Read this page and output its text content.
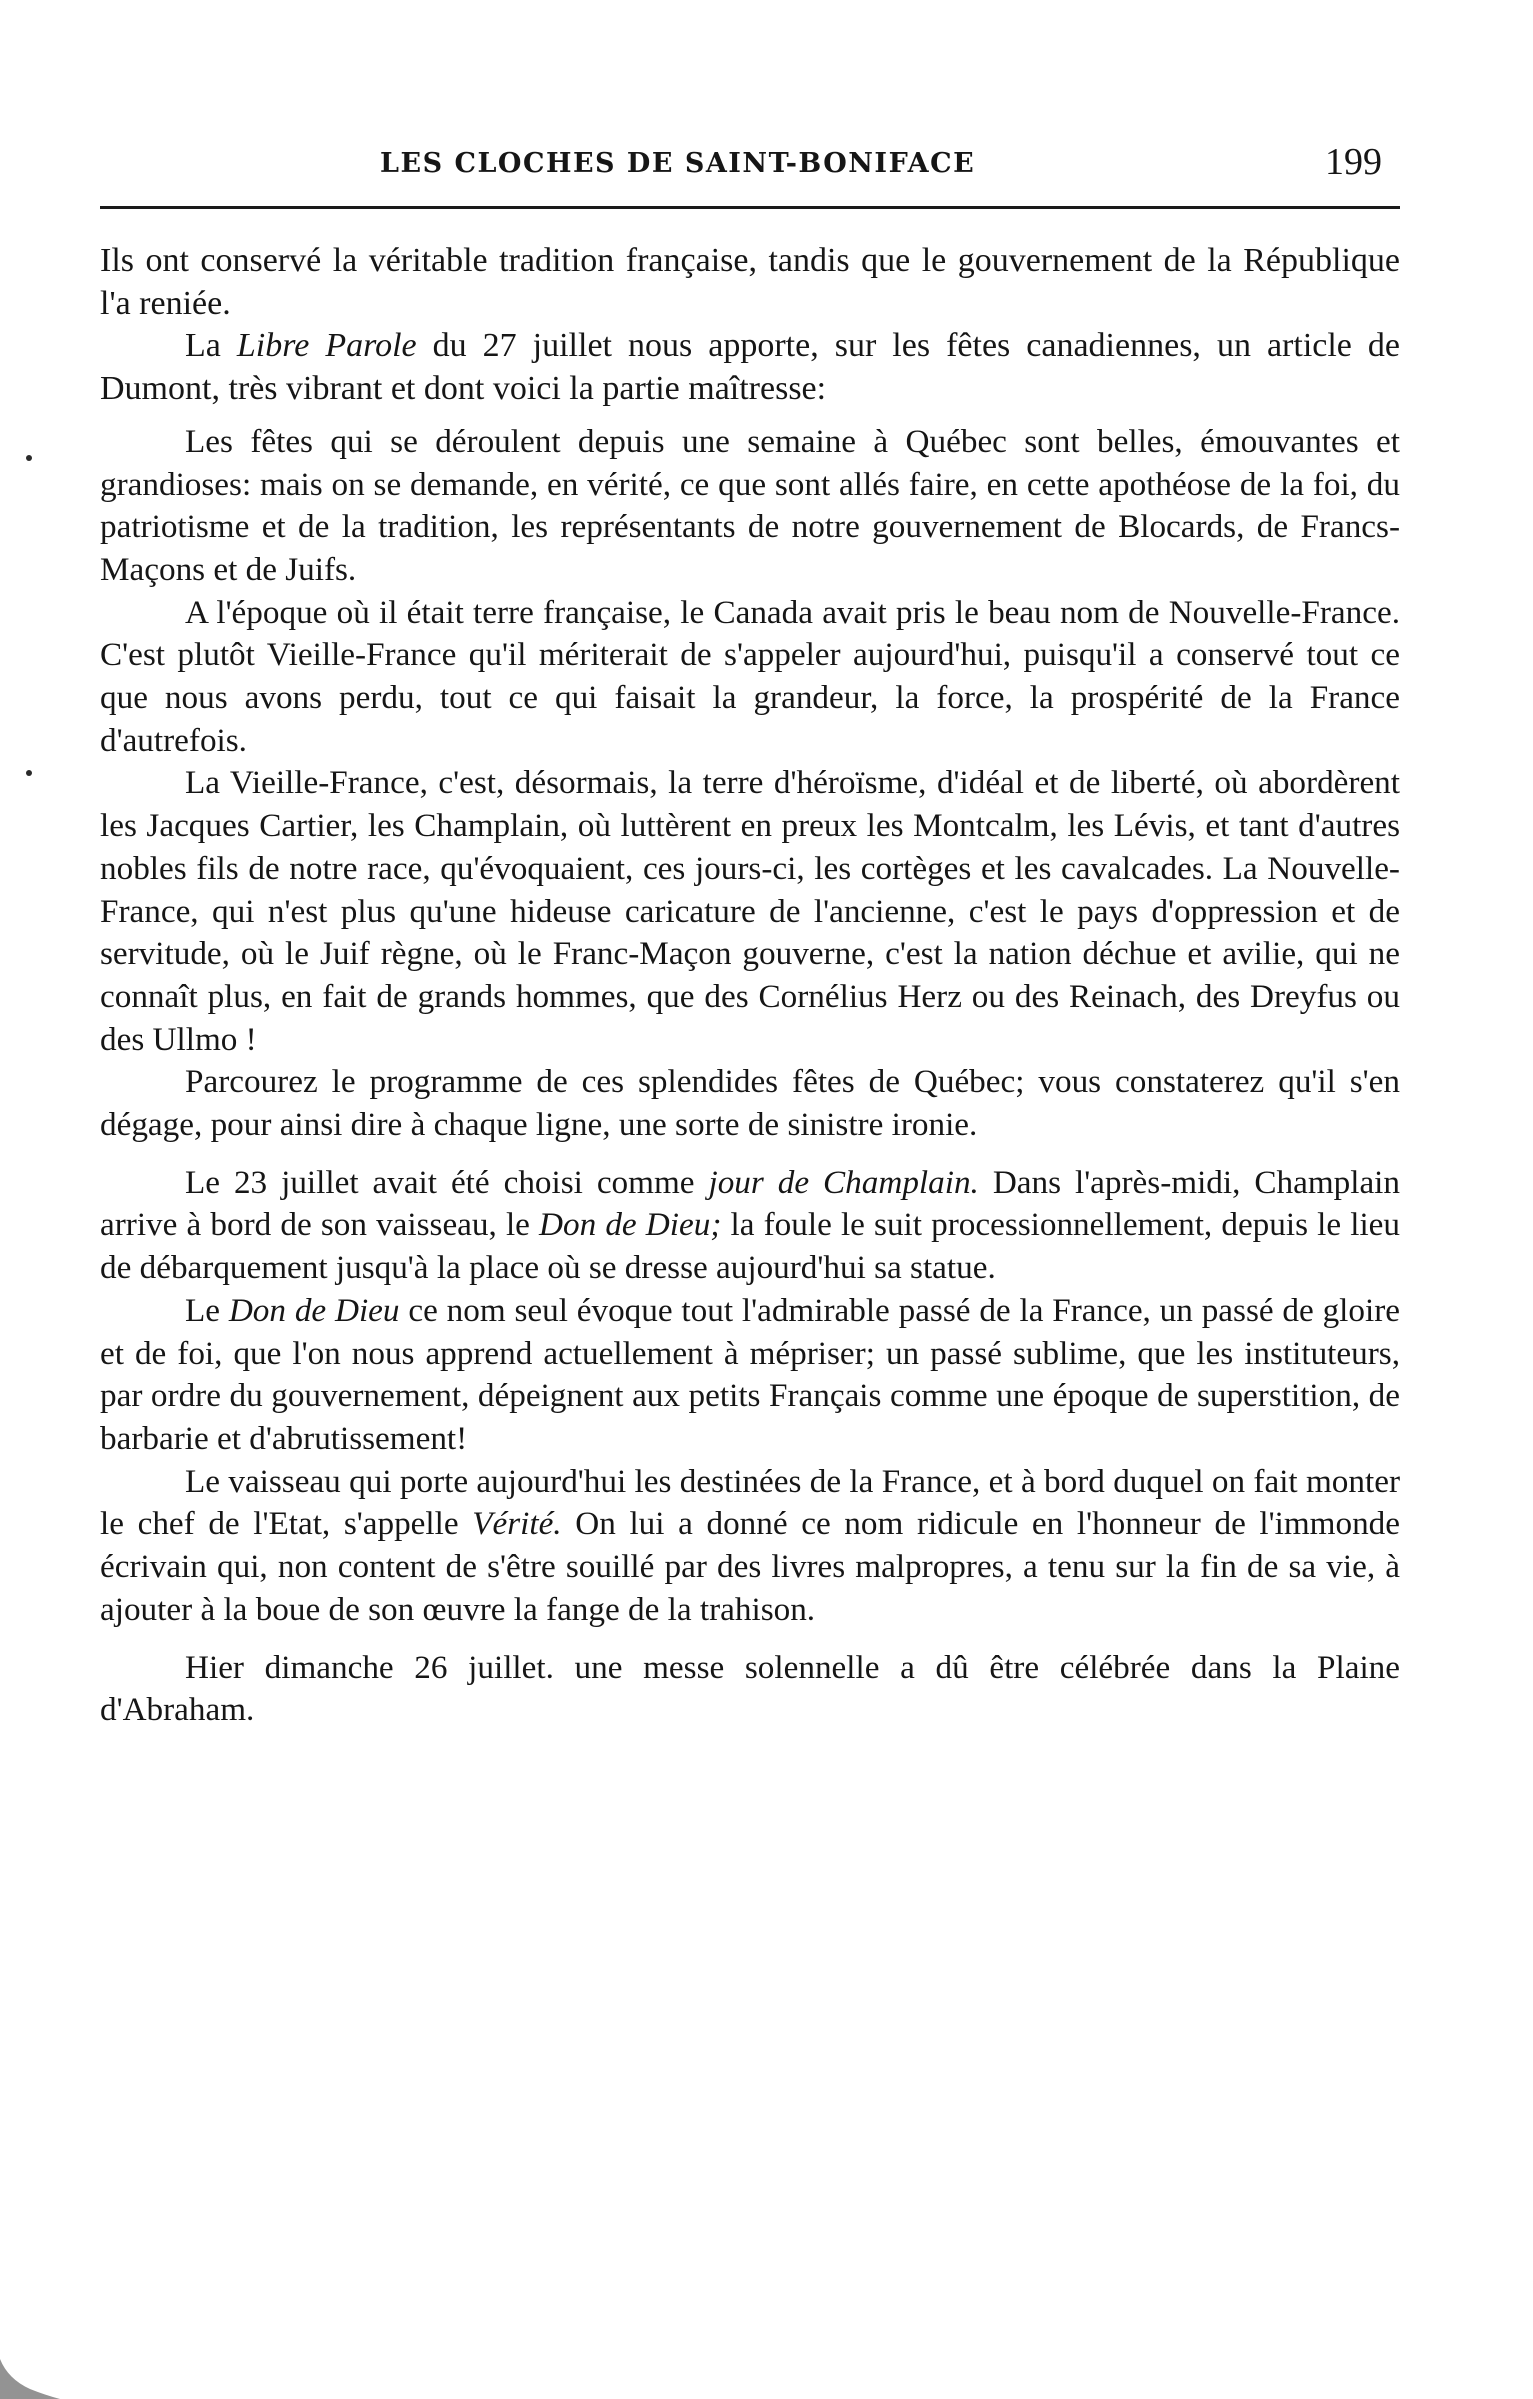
LES CLOCHES DE SAINT-BONIFACE	199

Ils ont conservé la véritable tradition française, tandis que le gouvernement de la République l'a reniée.

La Libre Parole du 27 juillet nous apporte, sur les fêtes canadiennes, un article de Dumont, très vibrant et dont voici la partie maîtresse:

Les fêtes qui se déroulent depuis une semaine à Québec sont belles, émouvantes et grandioses: mais on se demande, en vérité, ce que sont allés faire, en cette apothéose de la foi, du patriotisme et de la tradition, les représentants de notre gouvernement de Blocards, de Francs-Maçons et de Juifs.

A l'époque où il était terre française, le Canada avait pris le beau nom de Nouvelle-France. C'est plutôt Vieille-France qu'il mériterait de s'appeler aujourd'hui, puisqu'il a conservé tout ce que nous avons perdu, tout ce qui faisait la grandeur, la force, la prospérité de la France d'autrefois.

La Vieille-France, c'est, désormais, la terre d'héroïsme, d'idéal et de liberté, où abordèrent les Jacques Cartier, les Champlain, où luttèrent en preux les Montcalm, les Lévis, et tant d'autres nobles fils de notre race, qu'évoquaient, ces jours-ci, les cortèges et les cavalcades. La Nouvelle-France, qui n'est plus qu'une hideuse caricature de l'ancienne, c'est le pays d'oppression et de servitude, où le Juif règne, où le Franc-Maçon gouverne, c'est la nation déchue et avilie, qui ne connaît plus, en fait de grands hommes, que des Cornélius Herz ou des Reinach, des Dreyfus ou des Ullmo !

Parcourez le programme de ces splendides fêtes de Québec; vous constaterez qu'il s'en dégage, pour ainsi dire à chaque ligne, une sorte de sinistre ironie.

Le 23 juillet avait été choisi comme jour de Champlain. Dans l'après-midi, Champlain arrive à bord de son vaisseau, le Don de Dieu; la foule le suit processionnellement, depuis le lieu de débarquement jusqu'à la place où se dresse aujourd'hui sa statue.

Le Don de Dieu ce nom seul évoque tout l'admirable passé de la France, un passé de gloire et de foi, que l'on nous apprend actuellement à mépriser; un passé sublime, que les instituteurs, par ordre du gouvernement, dépeignent aux petits Français comme une époque de superstition, de barbarie et d'abrutissement!

Le vaisseau qui porte aujourd'hui les destinées de la France, et à bord duquel on fait monter le chef de l'Etat, s'appelle Vérité. On lui a donné ce nom ridicule en l'honneur de l'immonde écrivain qui, non content de s'être souillé par des livres malpropres, a tenu sur la fin de sa vie, à ajouter à la boue de son œuvre la fange de la trahison.

Hier dimanche 26 juillet. une messe solennelle a dû être célébrée dans la Plaine d'Abraham.
